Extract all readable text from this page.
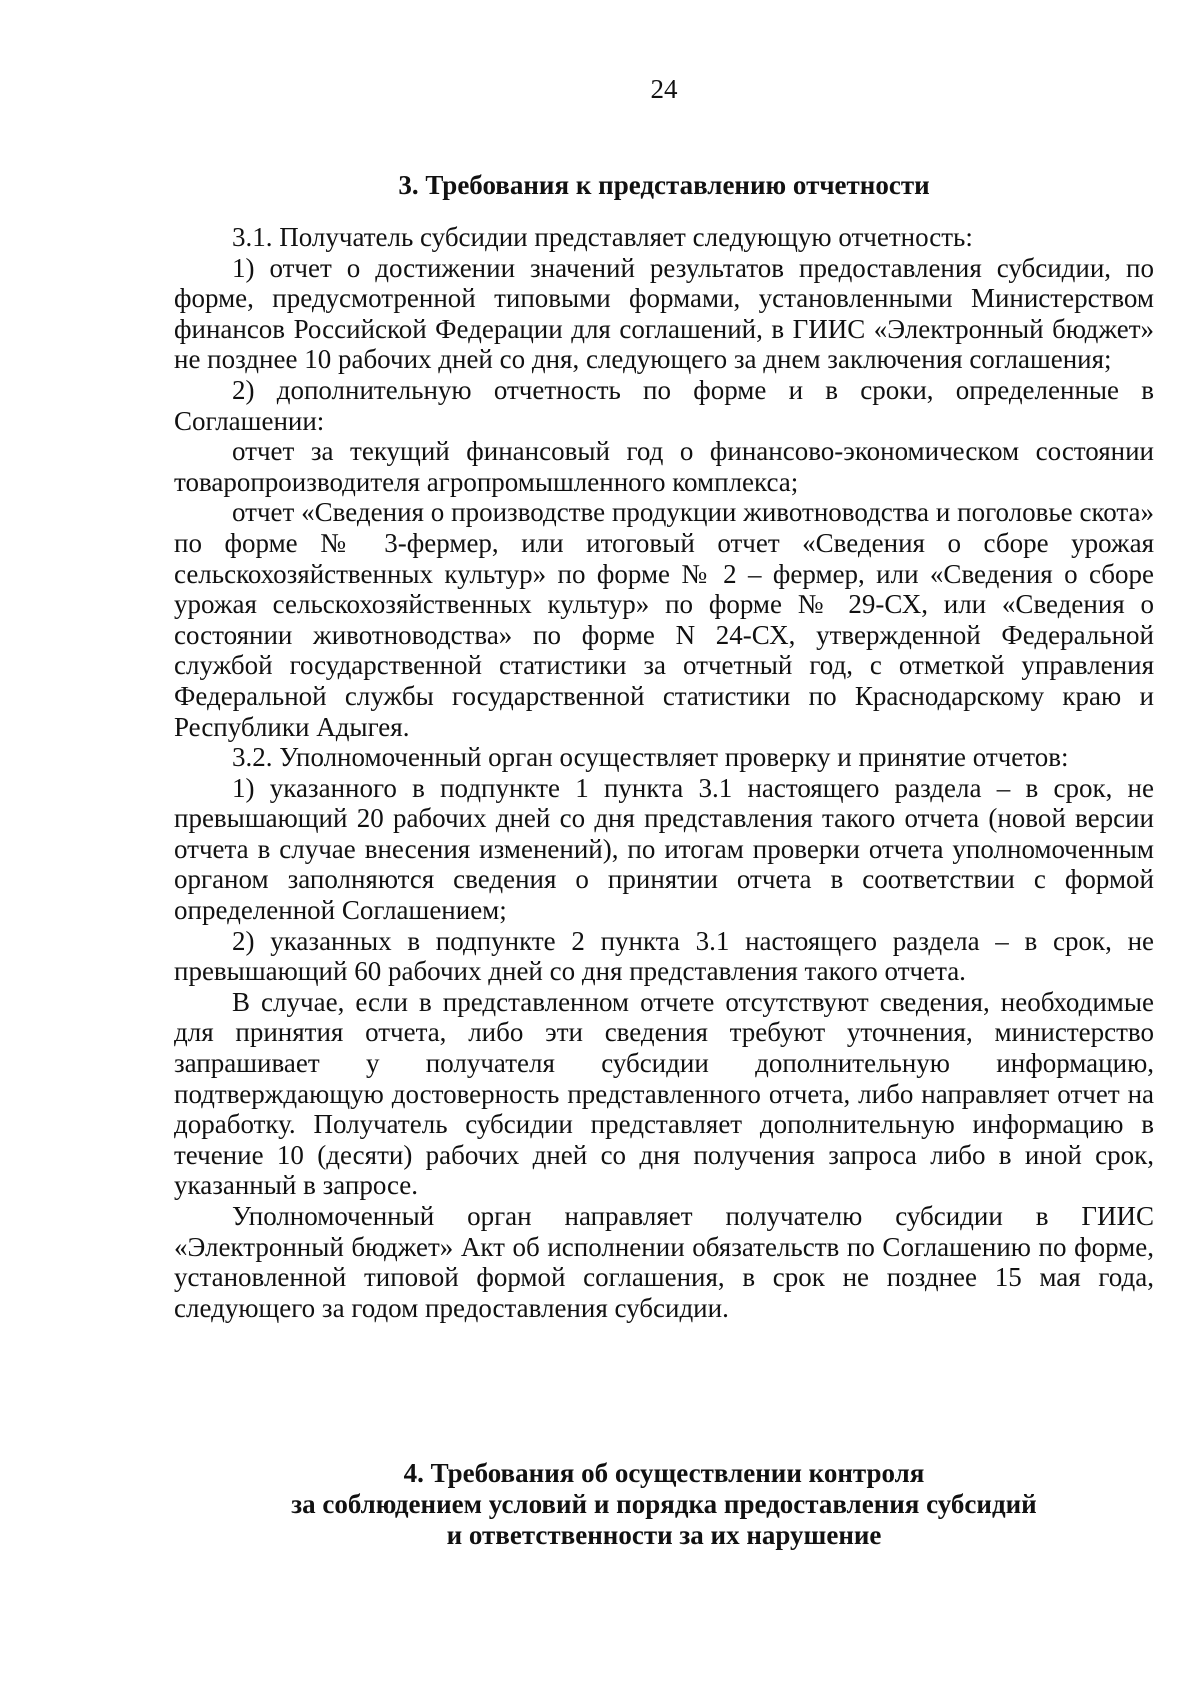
24
3. Требования к представлению отчетности

3.1. Получатель субсидии представляет следующую отчетность:

1) отчет о достижении значений результатов предоставления субсидии, по форме, предусмотренной типовыми формами, установленными Министерством финансов Российской Федерации для соглашений, в ГИИС «Электронный бюджет» не позднее 10 рабочих дней со дня, следующего за днем заключения соглашения;

2) дополнительную отчетность по форме и в сроки, определенные в Соглашении:

отчет за текущий финансовый год о финансово-экономическом состоянии товаропроизводителя агропромышленного комплекса;

отчет «Сведения о производстве продукции животноводства и поголовье скота» по форме № 3-фермер, или итоговый отчет «Сведения о сборе урожая сельскохозяйственных культур» по форме № 2 – фермер, или «Сведения о сборе урожая сельскохозяйственных культур» по форме № 29-СХ, или «Сведения о состоянии животноводства» по форме N 24-СХ, утвержденной Федеральной службой государственной статистики за отчетный год, с отметкой управления Федеральной службы государственной статистики по Краснодарскому краю и Республики Адыгея.

3.2. Уполномоченный орган осуществляет проверку и принятие отчетов:

1) указанного в подпункте 1 пункта 3.1 настоящего раздела – в срок, не превышающий 20 рабочих дней со дня представления такого отчета (новой версии отчета в случае внесения изменений), по итогам проверки отчета уполномоченным органом заполняются сведения о принятии отчета в соответствии с формой определенной Соглашением;

2) указанных в подпункте 2 пункта 3.1 настоящего раздела – в срок, не превышающий 60 рабочих дней со дня представления такого отчета.

В случае, если в представленном отчете отсутствуют сведения, необходимые для принятия отчета, либо эти сведения требуют уточнения, министерство запрашивает у получателя субсидии дополнительную информацию, подтверждающую достоверность представленного отчета, либо направляет отчет на доработку. Получатель субсидии представляет дополнительную информацию в течение 10 (десяти) рабочих дней со дня получения запроса либо в иной срок, указанный в запросе.

Уполномоченный орган направляет получателю субсидии в ГИИС «Электронный бюджет» Акт об исполнении обязательств по Соглашению по форме, установленной типовой формой соглашения, в срок не позднее 15 мая года, следующего за годом предоставления субсидии.

4. Требования об осуществлении контроля
за соблюдением условий и порядка предоставления субсидий
и ответственности за их нарушение
